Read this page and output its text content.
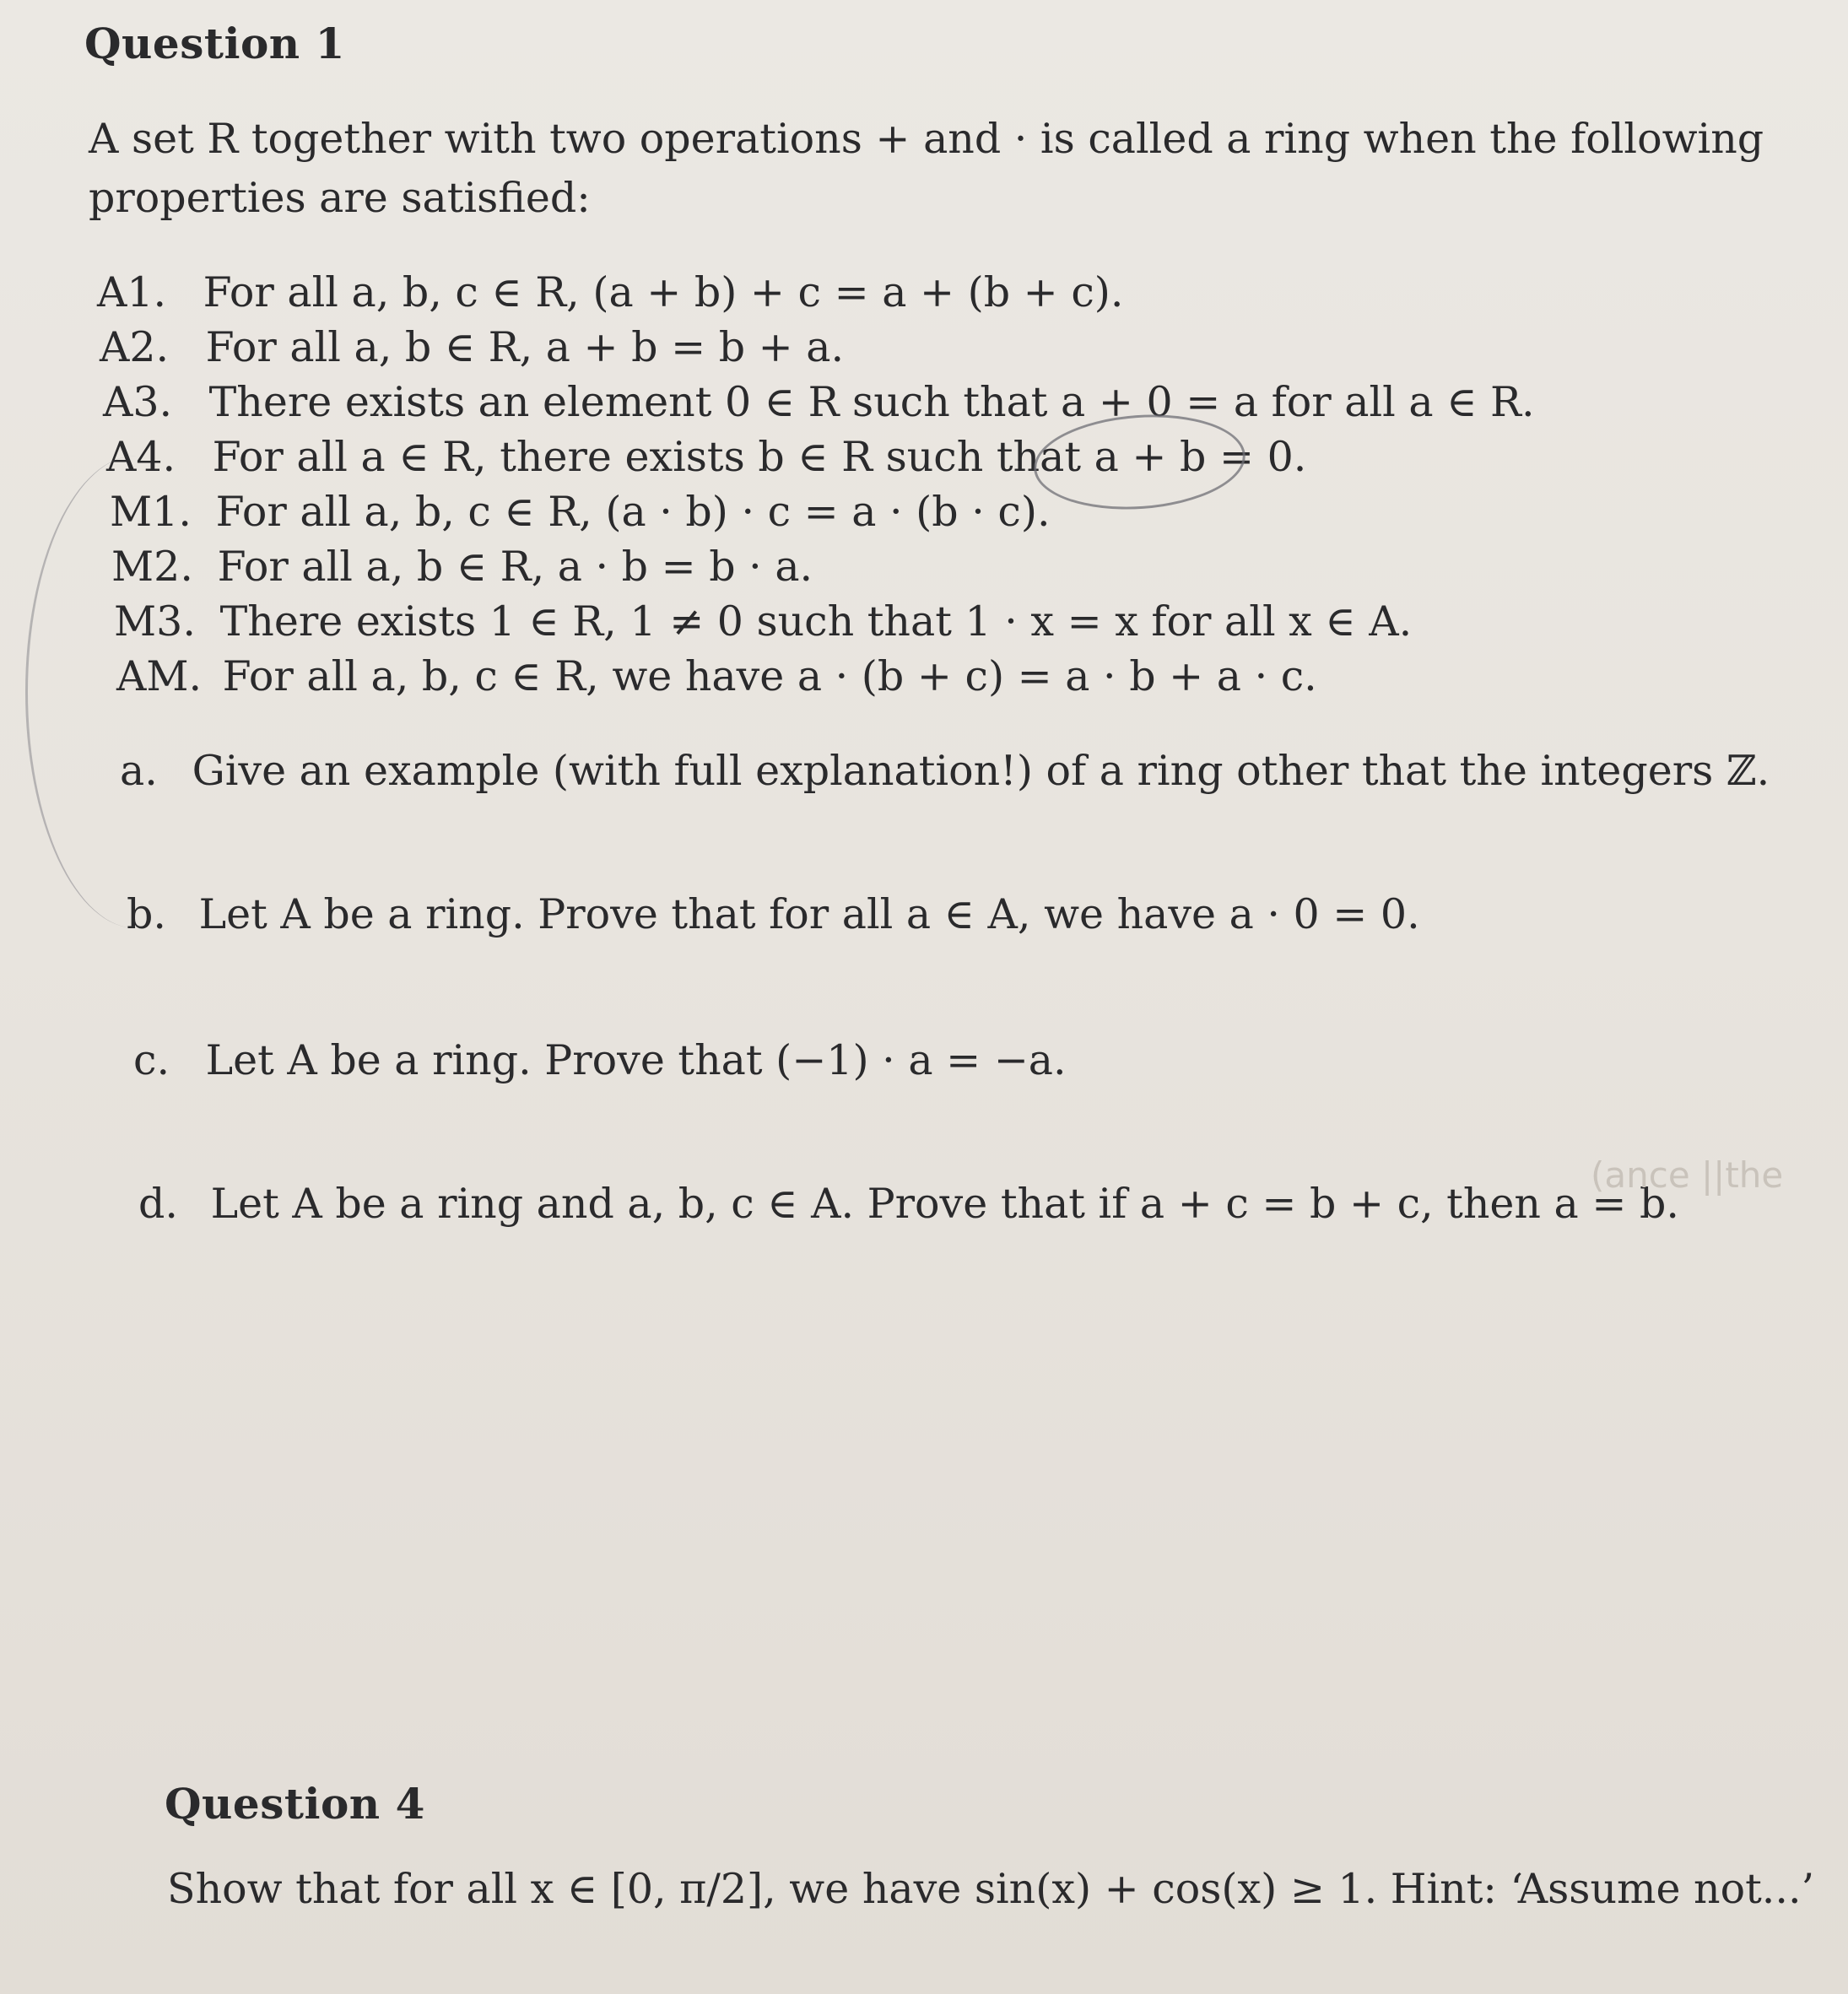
Question 1
A set R together with two operations + and · is called a ring when the following
properties are satisfied:
A1. For all a, b, c ∈ R, (a + b) + c = a + (b + c).
A2. For all a, b ∈ R, a + b = b + a.
A3. There exists an element 0 ∈ R such that a + 0 = a for all a ∈ R.
A4. For all a ∈ R, there exists b ∈ R such that a + b = 0.
M1. For all a, b, c ∈ R, (a · b) · c = a · (b · c).
M2. For all a, b ∈ R, a · b = b · a.
M3. There exists 1 ∈ R, 1 ≠ 0 such that 1 · x = x for all x ∈ A.
AM. For all a, b, c ∈ R, we have a · (b + c) = a · b + a · c.
a. Give an example (with full explanation!) of a ring other that the integers ℤ.
b. Let A be a ring. Prove that for all a ∈ A, we have a · 0 = 0.
c. Let A be a ring. Prove that (−1) · a = −a.
d. Let A be a ring and a, b, c ∈ A. Prove that if a + c = b + c, then a = b.
(ance ||the
Question 4
Show that for all x ∈ [0, π/2], we have sin(x) + cos(x) ≥ 1. Hint: ‘Assume not...’
